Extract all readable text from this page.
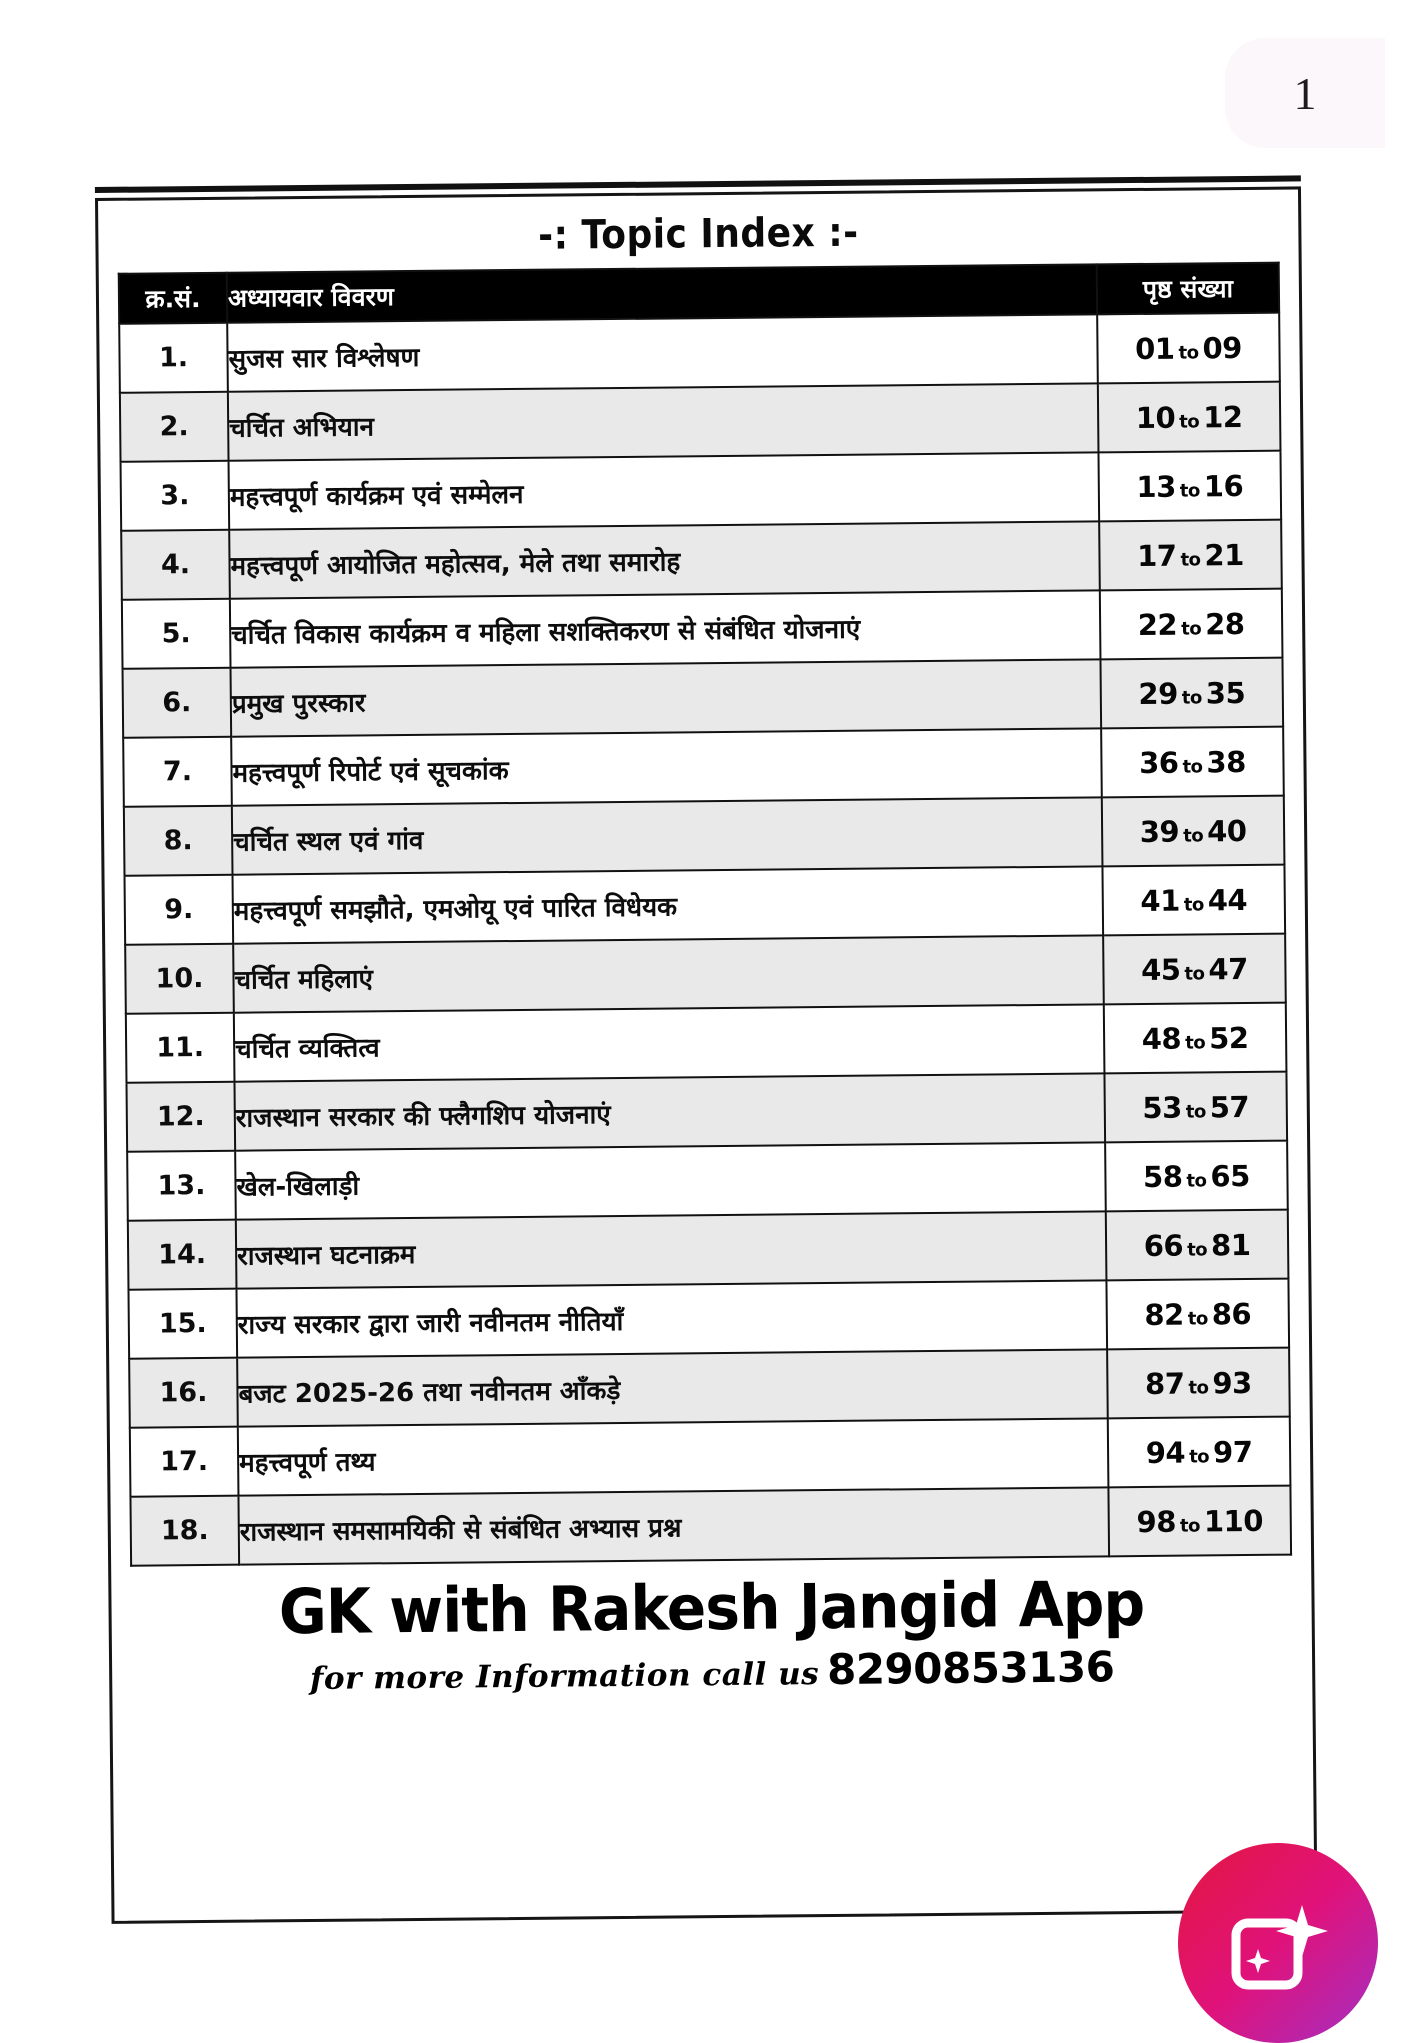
1
-: Topic Index :-
क्र.सं.	अध्यायवार विवरण	पृष्ठ संख्या
1.	सुजस सार विश्लेषण	01 to 09
2.	चर्चित अभियान	10 to 12
3.	महत्त्वपूर्ण कार्यक्रम एवं सम्मेलन	13 to 16
4.	महत्त्वपूर्ण आयोजित महोत्सव, मेले तथा समारोह	17 to 21
5.	चर्चित विकास कार्यक्रम व महिला सशक्तिकरण से संबंधित योजनाएं	22 to 28
6.	प्रमुख पुरस्कार	29 to 35
7.	महत्त्वपूर्ण रिपोर्ट एवं सूचकांक	36 to 38
8.	चर्चित स्थल एवं गांव	39 to 40
9.	महत्त्वपूर्ण समझौते, एमओयू एवं पारित विधेयक	41 to 44
10.	चर्चित महिलाएं	45 to 47
11.	चर्चित व्यक्तित्व	48 to 52
12.	राजस्थान सरकार की फ्लैगशिप योजनाएं	53 to 57
13.	खेल-खिलाड़ी	58 to 65
14.	राजस्थान घटनाक्रम	66 to 81
15.	राज्य सरकार द्वारा जारी नवीनतम नीतियाँ	82 to 86
16.	बजट 2025-26 तथा नवीनतम आँकड़े	87 to 93
17.	महत्त्वपूर्ण तथ्य	94 to 97
18.	राजस्थान समसामयिकी से संबंधित अभ्यास प्रश्न	98 to 110
GK with Rakesh Jangid App
for more Information call us 8290853136
